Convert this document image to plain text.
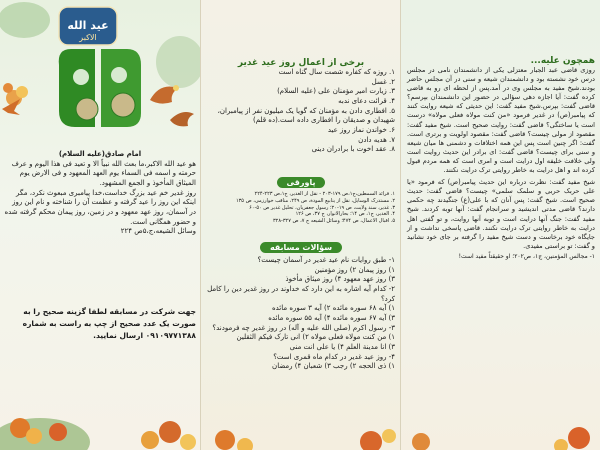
عید الله
الاکبر
امام صادق(علیه السلام)
هو عید الله الاکبر،ما بعث الله نبیاً الا و تعید فی هذا الیوم و عرف حرمته و اسمه فی السماء یوم العهد المعهود و فی الارض یوم المیثاق المأخوذ و الجمع المشهود.
روز غدیر خم عید بزرگ خداست،خدا پیامبری مبعوث نکرد، مگر اینکه این روز را عید گرفته و عظمت آن را شناخته و نام این روز در آسمان، روز عهد معهود و در زمین، روز پیمان محکم گرفته شده و حضور همگانی است.
وسائل الشیعه،ج،۵ص ۲۲۴
جهت شرکت در مسابقه لطفا گزینه صحیح را به صورت یک عدد صحیح از چپ به راست به شماره
۰۹۱۰۹۷۷۱۳۸۸ ارسال نمایید.
برخی از اعمال روز عید غدیر
۱. روزه که کفاره شصت سال گناه است
۲. غسل
۳. زیارت امیر مؤمنان علی (علیه السلام)
۴. قرائت دعای ندبه
۵. افطاری دادن به مؤمنان که گویا یک میلیون نفر از پیامبران، شهیدان و صدیقان را افطاری داده است.(ده قلم)
۶. خواندن نماز روز عید
۷. هدیه دادن
۸. عقد اخوت با برادران دینی
پاورقی
۱. فرائد السمطین،ج۱،ص ۱۷۹-۲۰۳ - نقل از الغدیر، ج۱،ص ۲۲۳-۲۲۴
۲. مستدرک الوسایل، نقل از ینابیع المودة، ص ۲۴۹، مناقب خوارزمی، ص ۱۳۵
۳. غدیر، سند ولایت، ص ۱۹-۲۰؛ رسول جعفریان، تحلیل غدیر ص ۵۰-۶۰
۴. الغدیر، ج۱، ص ۱۴؛ بحارالانوار، ج ۳۷، ص ۱۲۶
۵. اقبال الاعمال، ص ۴۷۴؛ وسائل الشیعه ج ۷، ص ۳۲۷-۳۲۸
سؤالات مسابقه
۱- طبق روایات نام عید غدیر در آسمان چیست؟
۱) روز پیمان ۲) روز مؤمنین
۳) روز عهد معهود ۴) روز میثاق مأخوذ
۲- کدام آیه اشاره به این دارد که خداوند در روز غدیر دین را کامل کرد؟
۱) آیه ۶۸ سوره مائده ۲) آیه ۳ سوره مائده
۳) آیه ۶۷ سوره مائده ۴) آیه ۵۵ سوره مائده
۳- رسول اکرم (صلی الله علیه و آله) در روز غدیر چه فرمودند؟
۱) من کنت مولاه فعلی مولاه ۲) انی تارک فیکم الثقلین
۳) انا مدینة العلم ۴) یا علی انت منی
۴- روز عید غدیر در کدام ماه قمری است؟
۱) ذی الحجه ۲) رجب ۳) شعبان ۴) رمضان
همچون علیه...
روزی قاضی عبد الجبار معتزلی یکی از دانشمندان نامی در مجلس درس خود نشسته بود و دانشمندان شیعه و سنی در آن مجلس حاضر بودند.شیخ مفید به مجلس وی در آمد.پس از لحظه ای رو به قاضی کرده گفت: آیا اجازه دهی سؤالی در حضور این دانشمندان بپرسم؟ قاضی گفت: بپرس.شیخ مفید گفت: این حدیثی که شیعه روایت کنند که پیامبر(ص) در غدیر فرمود «من کنت مولاه فعلی مولاه» درست است یا ساختگی؟ قاضی گفت: روایت صحیح است. شیخ مفید گفت: مقصود از مولی چیست؟ قاضی گفت: مقصود اولویت و برتری است. گفت: اگر چنین است پس این همه اختلافات و دشمنی ها میان شیعه و سنی برای چیست؟ قاضی گفت: ای برادر این حدیث روایت است ولی خلافت خلیفه اول درایت است و امری است که همه مردم قبول کرده اند و اهل درایت به خاطر روایتی ترک درایت نکنند.
شیخ مفید گفت: نظرت درباره این حدیث پیامبر(ص) که فرمود «یا علی حربک حربی و سلمک سلمی» چیست؟ قاضی گفت: حدیث صحیح است. شیخ گفت: پس آنان که با علی(ع) جنگیدند چه حکمی دارند؟ قاضی مدتی اندیشید و سرانجام گفت: آنها توبه کردند. شیخ مفید گفت: جنگ آنها درایت است و توبه آنها روایت، و تو گفتی اهل درایت به خاطر روایتی ترک درایت نکنند. قاضی پاسخی نداشت و از جایگاه خود برخاست و دست شیخ مفید را گرفته بر جای خود نشانید و گفت: تو براستی مفیدی.
۱- مجالس المؤمنین، ج۱، ص۲۰۲؛ او حقیقتاً مفید است!
